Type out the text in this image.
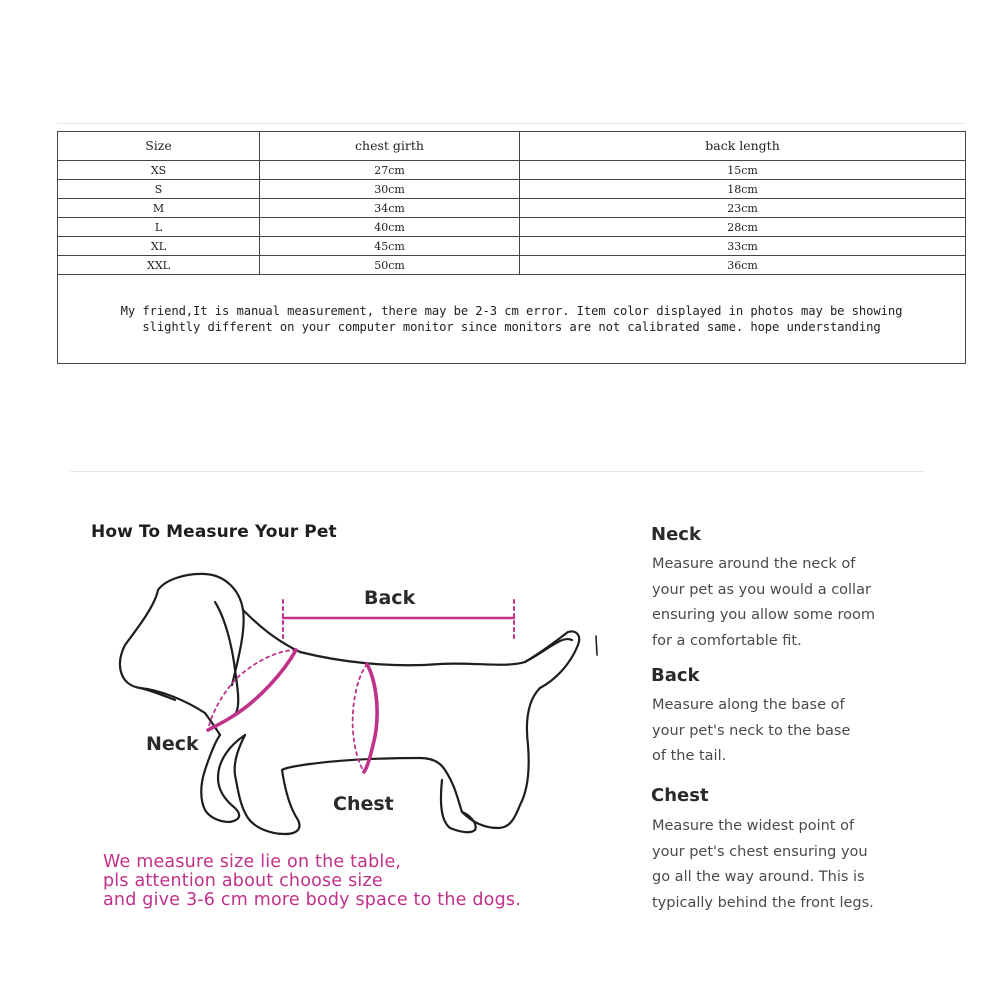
Size	chest girth	back length
XS	27cm	15cm
S	30cm	18cm
M	34cm	23cm
L	40cm	28cm
XL	45cm	33cm
XXL	50cm	36cm

My friend,It is manual measurement, there may be 2-3 cm error. Item color displayed in photos may be showing
slightly different on your computer monitor since monitors are not calibrated same. hope understanding		
How To Measure Your Pet
Back
Neck
Chest
We measure size lie on the table,
pls attention about choose size
and give 3-6 cm more body space to the dogs.
Neck
Measure around the neck of
your pet as you would a collar
ensuring you allow some room
for a comfortable fit.
Back
Measure along the base of
your pet's neck to the base
of the tail.
Chest
Measure the widest point of
your pet's chest ensuring you
go all the way around. This is
typically behind the front legs.
